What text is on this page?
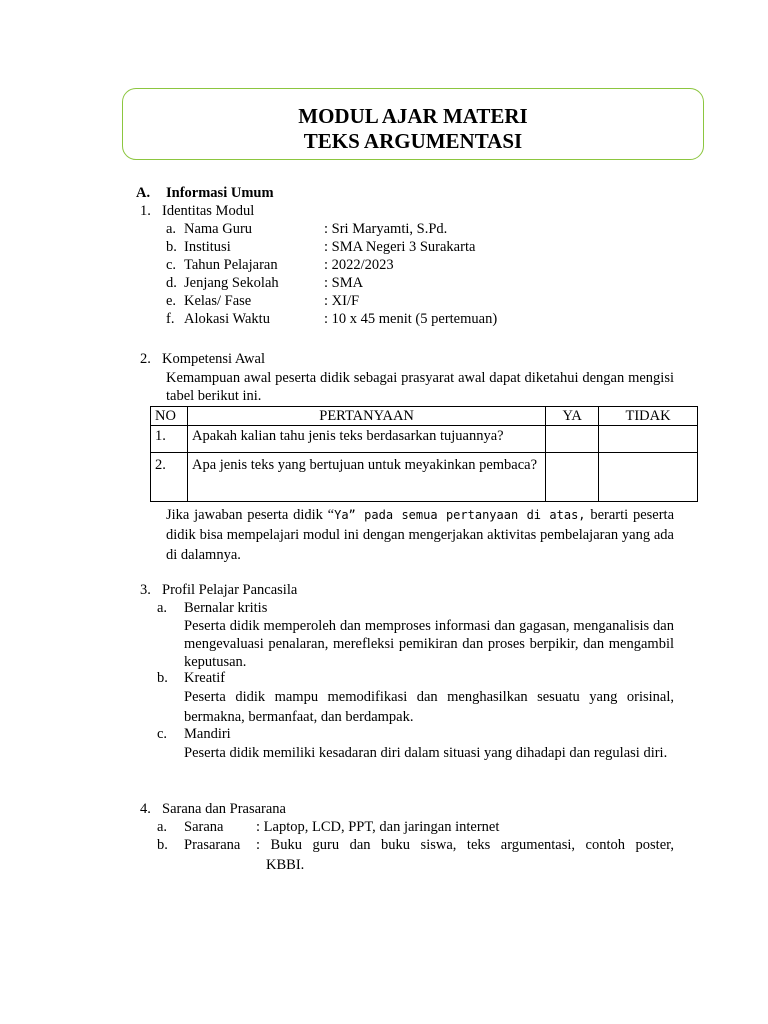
MODUL AJAR MATERI
TEKS ARGUMENTASI
A. Informasi Umum
1. Identitas Modul
a. Nama Guru	: Sri Maryamti, S.Pd.
b. Institusi	: SMA Negeri 3 Surakarta
c. Tahun Pelajaran	: 2022/2023
d. Jenjang Sekolah	: SMA
e. Kelas/ Fase	: XI/F
f. Alokasi Waktu	: 10 x 45 menit (5 pertemuan)
2. Kompetensi Awal
Kemampuan awal peserta didik sebagai prasyarat awal dapat diketahui dengan mengisi tabel berikut ini.
NO	PERTANYAAN	YA	TIDAK
1.	Apakah kalian tahu jenis teks berdasarkan tujuannya?		
2.	Apa jenis teks yang bertujuan untuk meyakinkan pembaca?		
Jika jawaban peserta didik “Ya” pada semua pertanyaan di atas, berarti peserta didik bisa mempelajari modul ini dengan mengerjakan aktivitas pembelajaran yang ada di dalamnya.
3. Profil Pelajar Pancasila
a. Bernalar kritis
Peserta didik memperoleh dan memproses informasi dan gagasan, menganalisis dan mengevaluasi penalaran, merefleksi pemikiran dan proses berpikir, dan mengambil keputusan.
b. Kreatif
Peserta didik mampu memodifikasi dan menghasilkan sesuatu yang orisinal, bermakna, bermanfaat, dan berdampak.
c. Mandiri
Peserta didik memiliki kesadaran diri dalam situasi yang dihadapi dan regulasi diri.
4. Sarana dan Prasarana
a. Sarana : Laptop, LCD, PPT, dan jaringan internet
b. Prasarana : Buku guru dan buku siswa, teks argumentasi, contoh poster,
KBBI.
